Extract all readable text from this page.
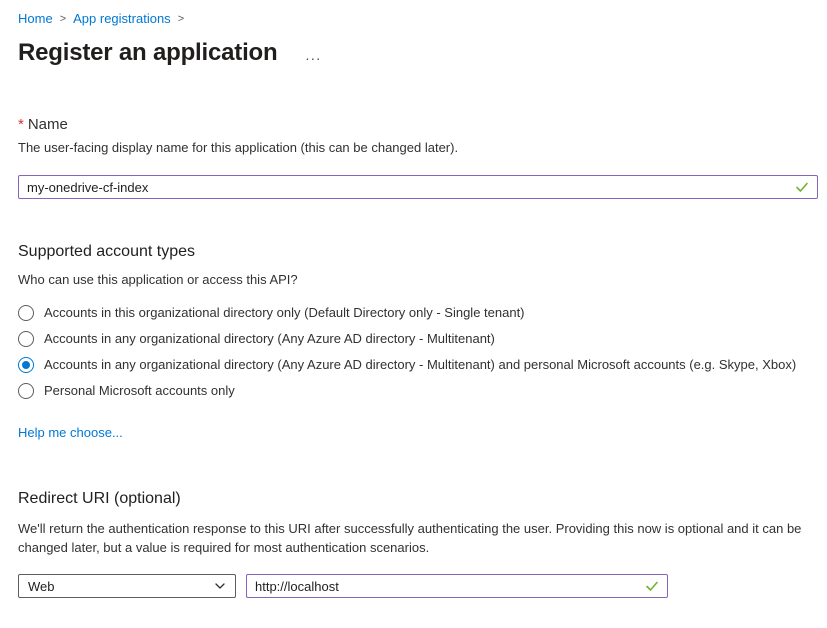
Home > App registrations >
Register an application ...
* Name
The user-facing display name for this application (this can be changed later).
my-onedrive-cf-index
Supported account types
Who can use this application or access this API?
Accounts in this organizational directory only (Default Directory only - Single tenant)
Accounts in any organizational directory (Any Azure AD directory - Multitenant)
Accounts in any organizational directory (Any Azure AD directory - Multitenant) and personal Microsoft accounts (e.g. Skype, Xbox)
Personal Microsoft accounts only
Help me choose...
Redirect URI (optional)
We'll return the authentication response to this URI after successfully authenticating the user. Providing this now is optional and it can be changed later, but a value is required for most authentication scenarios.
Web
http://localhost
